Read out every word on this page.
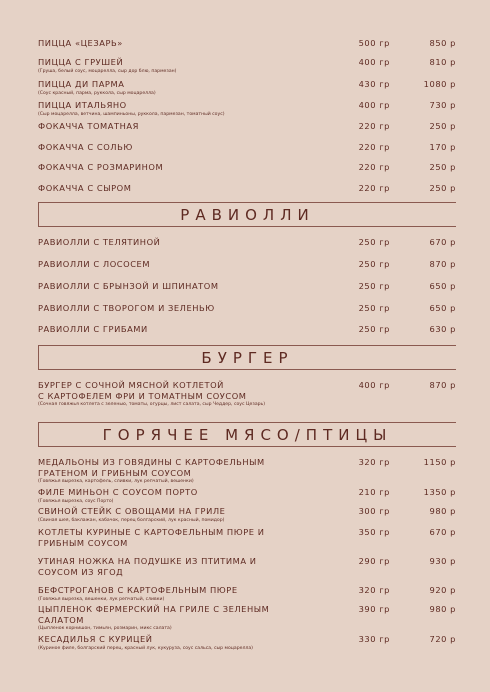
ПИЦЦА «ЦЕЗАРЬ»	500 гр	850 р
ПИЦЦА С ГРУШЕЙ
(Груша, белый соус, моцарелла, сыр дор блю, пармезан)
400 гр	810 р
ПИЦЦА ДИ ПАРМА
(Соус красный, парма, руккола, сыр моцарелла)
430 гр	1080 р
ПИЦЦА ИТАЛЬЯНО
(Сыр моцарелла, ветчина, шампиньоны, руккола, пармезан, томатный соус)
400 гр	730 р
ФОКАЧЧА ТОМАТНАЯ	220 гр	250 р
ФОКАЧЧА С СОЛЬЮ	220 гр	170 р
ФОКАЧЧА С РОЗМАРИНОМ	220 гр	250 р
ФОКАЧЧА С СЫРОМ	220 гр	250 р
РАВИОЛЛИ
РАВИОЛЛИ С ТЕЛЯТИНОЙ	250 гр	670 р
РАВИОЛЛИ С ЛОСОСЕМ	250 гр	870 р
РАВИОЛЛИ С БРЫНЗОЙ И ШПИНАТОМ	250 гр	650 р
РАВИОЛЛИ С ТВОРОГОМ И ЗЕЛЕНЬЮ	250 гр	650 р
РАВИОЛЛИ С ГРИБАМИ	250 гр	630 р
БУРГЕР
БУРГЕР С СОЧНОЙ МЯСНОЙ КОТЛЕТОЙ
С КАРТОФЕЛЕМ ФРИ И ТОМАТНЫМ СОУСОМ
(Сочная говяжья котлета с зеленью, томаты, огурцы, лист салата, сыр Чеддер, соус Цезарь)
400 гр	870 р
ГОРЯЧЕЕ МЯСО/ПТИЦЫ
МЕДАЛЬОНЫ ИЗ ГОВЯДИНЫ С КАРТОФЕЛЬНЫМ
ГРАТЕНОМ И ГРИБНЫМ СОУСОМ
(Говяжья вырезка, картофель, сливки, лук репчатый, вешенки)
320 гр	1150 р
ФИЛЕ МИНЬОН С СОУСОМ ПОРТО
(Говяжья вырезка, соус Порто)
210 гр	1350 р
СВИНОЙ СТЕЙК С ОВОЩАМИ НА ГРИЛЕ
(Свиная шея, баклажан, кабачок, перец болгарский, лук красный, помидор)
300 гр	980 р
КОТЛЕТЫ КУРИНЫЕ С КАРТОФЕЛЬНЫМ ПЮРЕ И
ГРИБНЫМ СОУСОМ
350 гр	670 р
УТИНАЯ НОЖКА НА ПОДУШКЕ ИЗ ПТИТИМА И
СОУСОМ ИЗ ЯГОД
290 гр	930 р
БЕФСТРОГАНОВ С КАРТОФЕЛЬНЫМ ПЮРЕ
(Говяжья вырезка, вешенки, лук репчатый, сливки)
320 гр	920 р
ЦЫПЛЕНОК ФЕРМЕРСКИЙ НА ГРИЛЕ С ЗЕЛЕНЫМ
САЛАТОМ
(Цыпленок корнишон, тимьян, розмарин, микс салата)
390 гр	980 р
КЕСАДИЛЬЯ С КУРИЦЕЙ
(Куриное филе, болгарский перец, красный лук, кукуруза, соус сальса, сыр моцарелла)
330 гр	720 р
